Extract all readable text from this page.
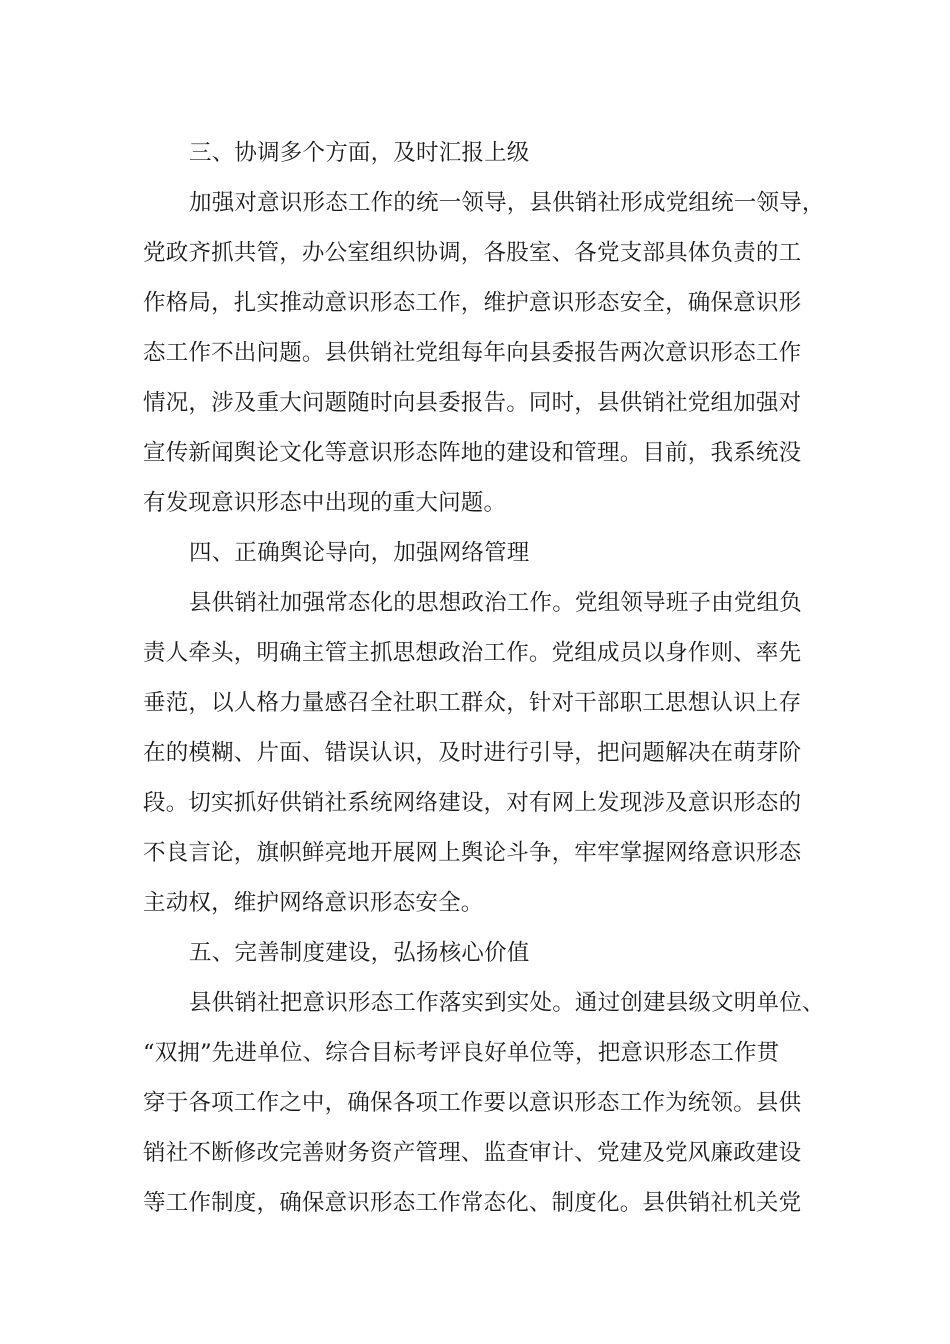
三、协调多个方面，及时汇报上级
加强对意识形态工作的统一领导，县供销社形成党组统一领导，
党政齐抓共管，办公室组织协调，各股室、各党支部具体负责的工
作格局，扎实推动意识形态工作，维护意识形态安全，确保意识形
态工作不出问题。县供销社党组每年向县委报告两次意识形态工作
情况，涉及重大问题随时向县委报告。同时，县供销社党组加强对
宣传新闻舆论文化等意识形态阵地的建设和管理。目前，我系统没
有发现意识形态中出现的重大问题。
四、正确舆论导向，加强网络管理
县供销社加强常态化的思想政治工作。党组领导班子由党组负
责人牵头，明确主管主抓思想政治工作。党组成员以身作则、率先
垂范，以人格力量感召全社职工群众，针对干部职工思想认识上存
在的模糊、片面、错误认识，及时进行引导，把问题解决在萌芽阶
段。切实抓好供销社系统网络建设，对有网上发现涉及意识形态的
不良言论，旗帜鲜亮地开展网上舆论斗争，牢牢掌握网络意识形态
主动权，维护网络意识形态安全。
五、完善制度建设，弘扬核心价值
县供销社把意识形态工作落实到实处。通过创建县级文明单位、
“双拥”先进单位、综合目标考评良好单位等，把意识形态工作贯
穿于各项工作之中，确保各项工作要以意识形态工作为统领。县供
销社不断修改完善财务资产管理、监查审计、党建及党风廉政建设
等工作制度，确保意识形态工作常态化、制度化。县供销社机关党
